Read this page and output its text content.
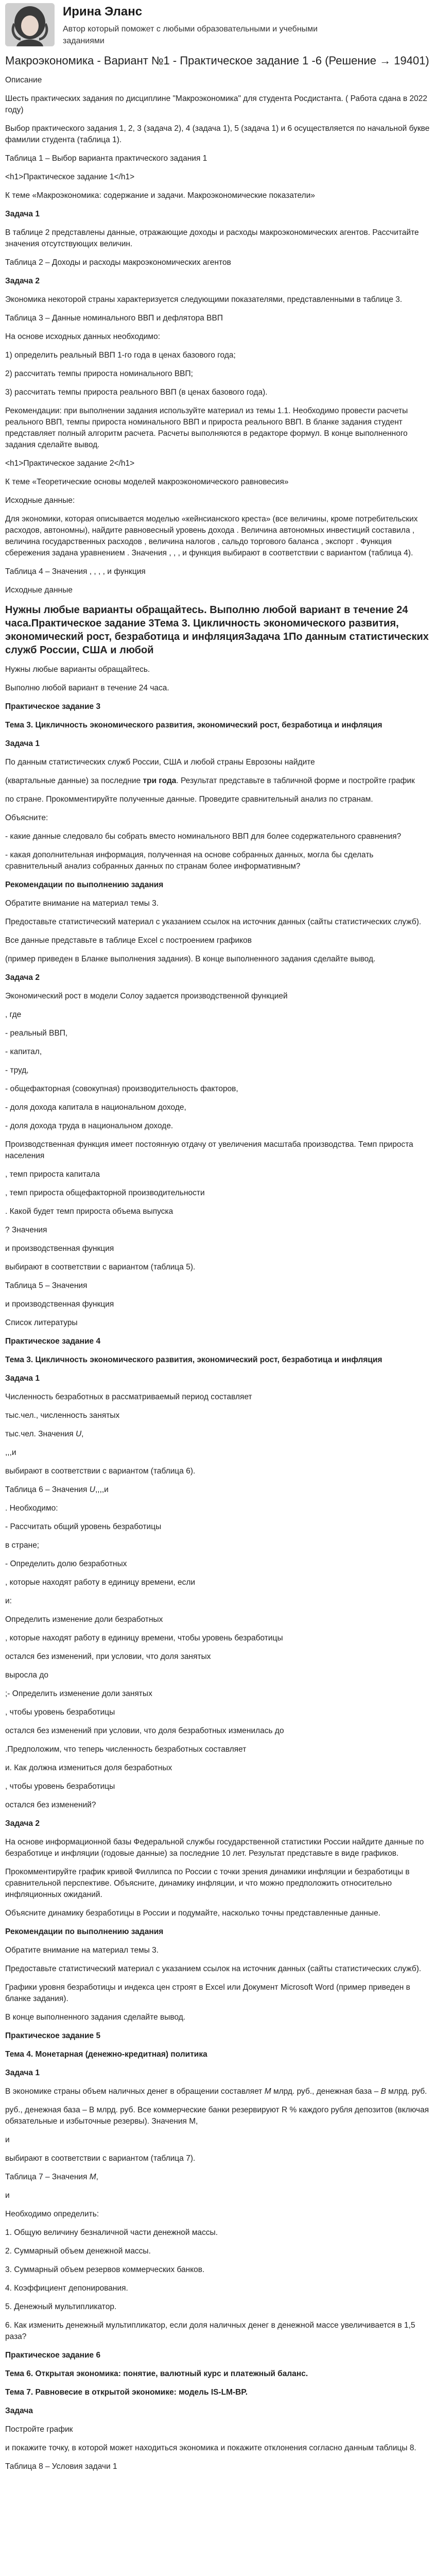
Ирина Эланс
Автор который поможет с любыми образовательными и учебными заданиями
Макроэкономика - Вариант №1 - Практическое задание 1 -6 (Решение → 19401)

Описание

Шесть практических задания по дисциплине "Макроэкономика" для студента Росдистанта. ( Работа сдана в 2022 году)

Выбор практического задания 1, 2, 3 (задача 2), 4 (задача 1), 5 (задача 1) и 6 осуществляется по начальной букве фамилии студента (таблица 1).

Таблица 1 – Выбор варианта практического задания 1

<h1>Практическое задание 1</h1>

К теме «Макроэкономика: содержание и задачи. Макроэкономические показатели»

Задача 1

В таблице 2 представлены данные, отражающие доходы и расходы макроэкономических агентов. Рассчитайте значения отсутствующих величин.

Таблица 2 – Доходы и расходы макроэкономических агентов

Задача 2

Экономика некоторой страны характеризуется следующими показателями, представленными в таблице 3.

Таблица 3 – Данные номинального ВВП и дефлятора ВВП

На основе исходных данных необходимо:

1) определить реальный ВВП 1-го года в ценах базового года;

2) рассчитать темпы прироста номинального ВВП;

3) рассчитать темпы прироста реального ВВП (в ценах базового года).

Рекомендации: при выполнении задания используйте материал из темы 1.1. Необходимо провести расчеты реального ВВП, темпы прироста номинального ВВП и прироста реального ВВП. В бланке задания студент представляет полный алгоритм расчета. Расчеты выполняются в редакторе формул. В конце выполненного задания сделайте вывод.

<h1>Практическое задание 2</h1>

К теме «Теоретические основы моделей макроэкономического равновесия»

Исходные данные:

Для экономики, которая описывается моделью «кейнсианского креста» (все величины, кроме потребительских расходов, автономны), найдите равновесный уровень дохода . Величина автономных инвестиций составила , величина государственных расходов , величина налогов , сальдо торгового баланса , экспорт . Функция сбережения задана уравнением . Значения , , , и функция выбирают в соответствии с вариантом (таблица 4).

Таблица 4 – Значения , , , , и функция

Исходные данные

Нужны любые варианты обращайтесь. Выполню любой вариант в течение 24 часа.Практическое задание 3Тема 3. Цикличность экономического развития, экономический рост, безработица и инфляцияЗадача 1По данным статистических служб России, США и любой

Нужны любые варианты обращайтесь.

Выполню любой вариант в течение 24 часа.

Практическое задание 3

Тема 3. Цикличность экономического развития, экономический рост, безработица и инфляция

Задача 1

По данным статистических служб России, США и любой страны Еврозоны найдите

(квартальные данные) за последние три года. Результат представьте в табличной форме и постройте график

по стране. Прокомментируйте полученные данные. Проведите сравнительный анализ по странам.

Объясните:

- какие данные следовало бы собрать вместо номинального ВВП для более содержательного сравнения?

- какая дополнительная информация, полученная на основе собранных данных, могла бы сделать сравнительный анализ собранных данных по странам более информативным?

Рекомендации по выполнению задания

Обратите внимание на материал темы 3.

Предоставьте статистический материал с указанием ссылок на источник данных (сайты статистических служб).

Все данные представьте в таблице Excel с построением графиков

(пример приведен в Бланке выполнения задания). В конце выполненного задания сделайте вывод.

Задача 2

Экономический рост в модели Солоу задается производственной функцией

, где

- реальный ВВП,

- капитал,

- труд,

- общефакторная (совокупная) производительность факторов,

- доля дохода капитала в национальном доходе,

- доля дохода труда в национальном доходе.

Производственная функция имеет постоянную отдачу от увеличения масштаба производства. Темп прироста населения

, темп прироста капитала

, темп прироста общефакторной производительности

. Какой будет темп прироста объема выпуска

? Значения

и производственная функция

выбирают в соответствии с вариантом (таблица 5).

Таблица 5 – Значения

и производственная функция

Список литературы

Практическое задание 4

Тема 3. Цикличность экономического развития, экономический рост, безработица и инфляция

Задача 1

Численность безработных в рассматриваемый период составляет

тыс.чел., численность занятых

тыс.чел. Значения U,

,,,и

выбирают в соответствии с вариантом (таблица 6).

Таблица 6 – Значения U,,,,и

. Необходимо:

- Рассчитать общий уровень безработицы

в стране;

- Определить долю безработных

, которые находят работу в единицу времени, если

и:

Определить изменение доли безработных

, которые находят работу в единицу времени, чтобы уровень безработицы

остался без изменений, при условии, что доля занятых

выросла до

;- Определить изменение доли занятых

, чтобы уровень безработицы

остался без изменений при условии, что доля безработных изменилась до

.Предположим, что теперь численность безработных составляет

и. Как должна измениться доля безработных

, чтобы уровень безработицы

остался без изменений?

Задача 2

На основе информационной базы Федеральной службы государственной статистики России найдите данные по безработице и инфляции (годовые данные) за последние 10 лет. Результат представьте в виде графиков.

Прокомментируйте график кривой Филлипса по России с точки зрения динамики инфляции и безработицы в сравнительной перспективе. Объясните, динамику инфляции, и что можно предположить относительно инфляционных ожиданий.

Объясните динамику безработицы в России и подумайте, насколько точны представленные данные.

Рекомендации по выполнению задания

Обратите внимание на материал темы 3.

Предоставьте статистический материал с указанием ссылок на источник данных (сайты статистических служб).

Графики уровня безработицы и индекса цен строят в Excel или Документ Microsoft Word (пример приведен в бланке задания).

В конце выполненного задания сделайте вывод.

Практическое задание 5

Тема 4. Монетарная (денежно-кредитная) политика

Задача 1

В экономике страны объем наличных денег в обращении составляет M млрд. руб., денежная база – B млрд. руб.

руб., денежная база – B млрд. руб. Все коммерческие банки резервируют R % каждого рубля депозитов (включая обязательные и избыточные резервы). Значения M,

и

выбирают в соответствии с вариантом (таблица 7).

Таблица 7 – Значения M,

и

Необходимо определить:

1. Общую величину безналичной части денежной массы.

2. Суммарный объем денежной массы.

3. Суммарный объем резервов коммерческих банков.

4. Коэффициент депонирования.

5. Денежный мультипликатор.

6. Как изменить денежный мультипликатор, если доля наличных денег в денежной массе увеличивается в 1,5 раза?

Практическое задание 6

Тема 6. Открытая экономика: понятие, валютный курс и платежный баланс.

Тема 7. Равновесие в открытой экономике: модель IS-LM-BP.

Задача

Постройте график

и покажите точку, в которой может находиться экономика и покажите отклонения согласно данным таблицы 8.

Таблица 8 – Условия задачи 1
